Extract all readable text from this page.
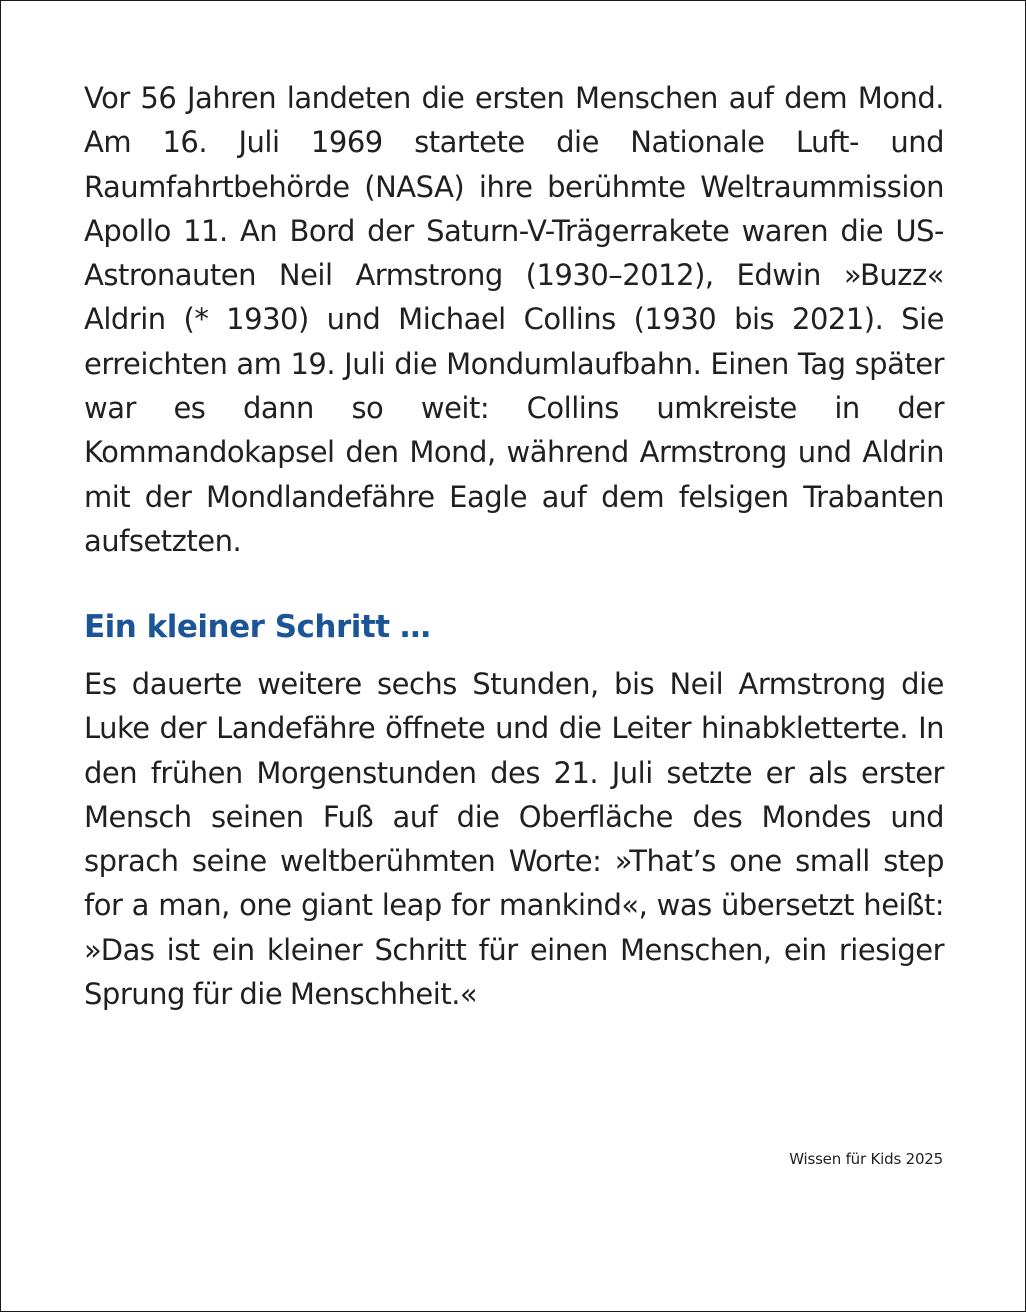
Vor 56 Jahren landeten die ersten Menschen auf dem Mond. Am 16. Juli 1969 startete die Nationale Luft- und Raumfahrtbehörde (NASA) ihre berühmte Weltraummission Apollo 11. An Bord der Saturn-V-Trägerrakete waren die US-Astronauten Neil Armstrong (1930–2012), Edwin »Buzz« Aldrin (* 1930) und Michael Collins (1930 bis 2021). Sie erreichten am 19. Juli die Mondumlaufbahn. Einen Tag später war es dann so weit: Collins umkreiste in der Kommandokapsel den Mond, während Armstrong und Aldrin mit der Mondlandefähre Eagle auf dem felsigen Trabanten aufsetzten.

Ein kleiner Schritt …

Es dauerte weitere sechs Stunden, bis Neil Armstrong die Luke der Landefähre öffnete und die Leiter hinabkletterte. In den frühen Morgenstunden des 21. Juli setzte er als erster Mensch seinen Fuß auf die Oberfläche des Mondes und sprach seine weltberühmten Worte: »That’s one small step for a man, one giant leap for mankind«, was übersetzt heißt: »Das ist ein kleiner Schritt für einen Menschen, ein riesiger Sprung für die Menschheit.«

Wissen für Kids 2025
